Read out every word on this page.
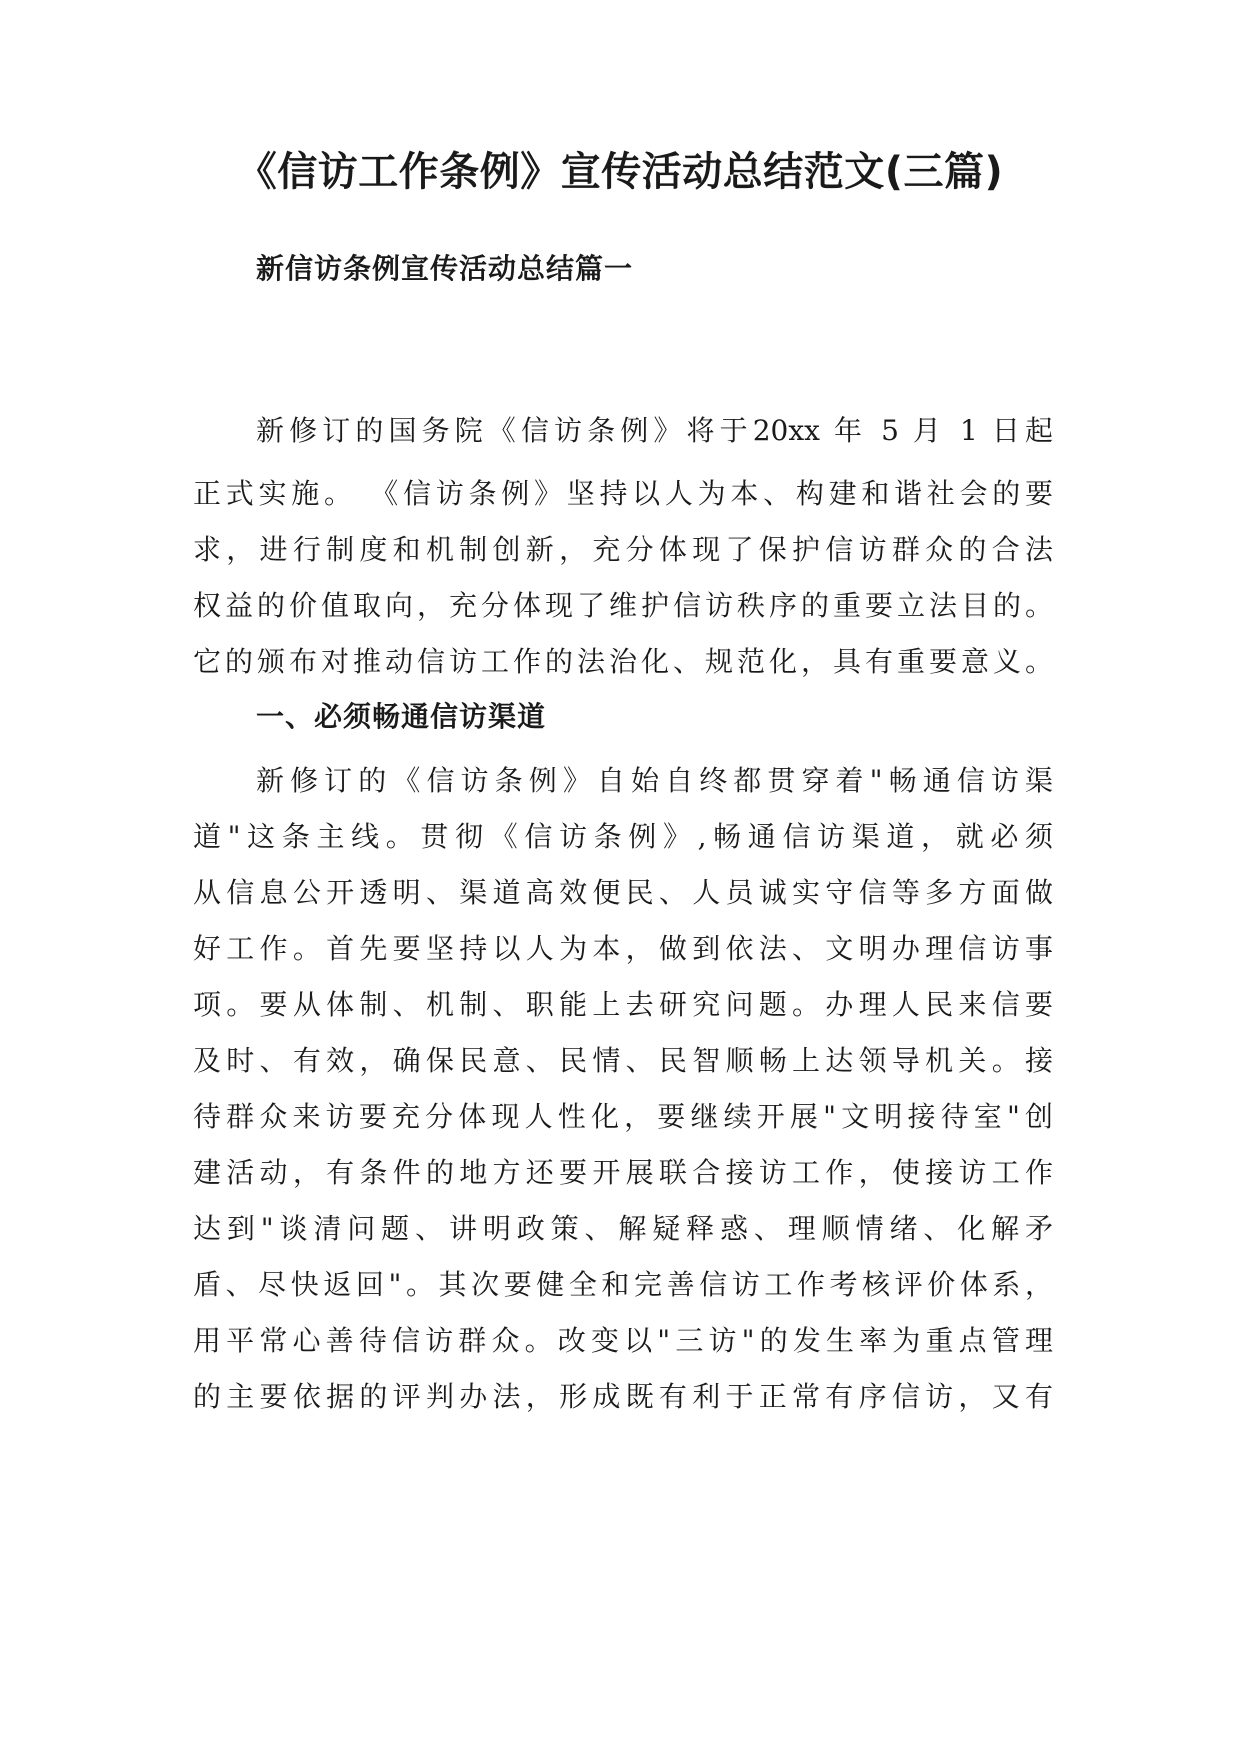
《信访工作条例》宣传活动总结范文(三篇)
新信访条例宣传活动总结篇一

新修订的国务院《信访条例》将于20xx 年 5 月 1 日起

正式实施。 《信访条例》坚持以人为本、构建和谐社会的要

求，进行制度和机制创新，充分体现了保护信访群众的合法

权益的价值取向，充分体现了维护信访秩序的重要立法目的。

它的颁布对推动信访工作的法治化、规范化，具有重要意义。

一、必须畅通信访渠道

新修订的《信访条例》自始自终都贯穿着"畅通信访渠

道"这条主线。贯彻《信访条例》,畅通信访渠道，就必须

从信息公开透明、渠道高效便民、人员诚实守信等多方面做

好工作。首先要坚持以人为本，做到依法、文明办理信访事

项。要从体制、机制、职能上去研究问题。办理人民来信要

及时、有效，确保民意、民情、民智顺畅上达领导机关。接

待群众来访要充分体现人性化，要继续开展"文明接待室"创

建活动，有条件的地方还要开展联合接访工作，使接访工作

达到"谈清问题、讲明政策、解疑释惑、理顺情绪、化解矛

盾、尽快返回"。其次要健全和完善信访工作考核评价体系，

用平常心善待信访群众。改变以"三访"的发生率为重点管理

的主要依据的评判办法，形成既有利于正常有序信访，又有
